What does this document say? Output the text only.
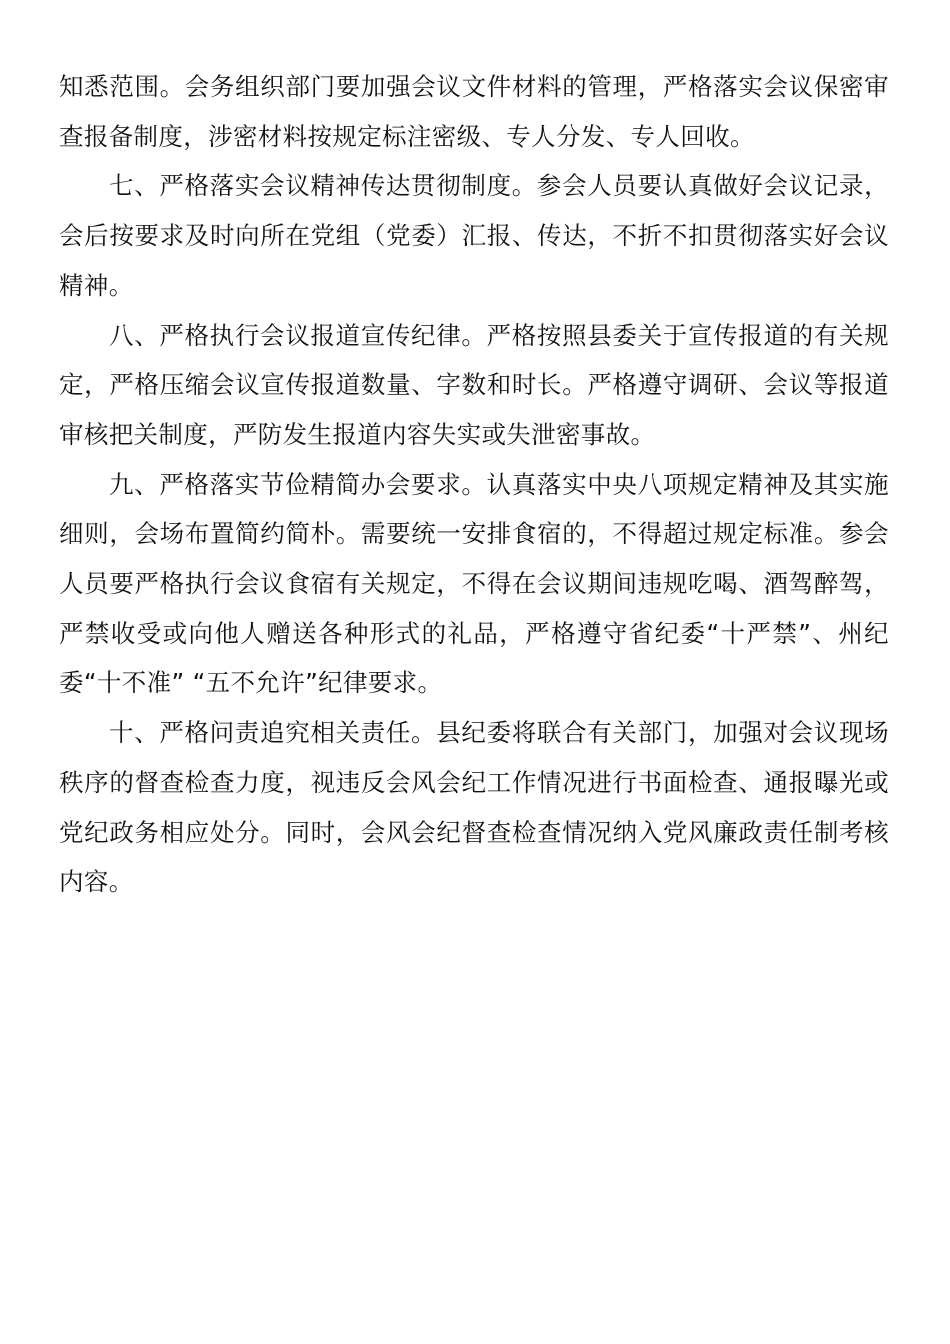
知悉范围。会务组织部门要加强会议文件材料的管理，严格落实会议保密审查报备制度，涉密材料按规定标注密级、专人分发、专人回收。

七、严格落实会议精神传达贯彻制度。参会人员要认真做好会议记录，会后按要求及时向所在党组（党委）汇报、传达，不折不扣贯彻落实好会议精神。

八、严格执行会议报道宣传纪律。严格按照县委关于宣传报道的有关规定，严格压缩会议宣传报道数量、字数和时长。严格遵守调研、会议等报道审核把关制度，严防发生报道内容失实或失泄密事故。

九、严格落实节俭精简办会要求。认真落实中央八项规定精神及其实施细则，会场布置简约简朴。需要统一安排食宿的，不得超过规定标准。参会人员要严格执行会议食宿有关规定，不得在会议期间违规吃喝、酒驾醉驾，严禁收受或向他人赠送各种形式的礼品，严格遵守省纪委“十严禁”、州纪委“十不准” “五不允许”纪律要求。

十、严格问责追究相关责任。县纪委将联合有关部门，加强对会议现场秩序的督查检查力度，视违反会风会纪工作情况进行书面检查、通报曝光或党纪政务相应处分。同时，会风会纪督查检查情况纳入党风廉政责任制考核内容。
